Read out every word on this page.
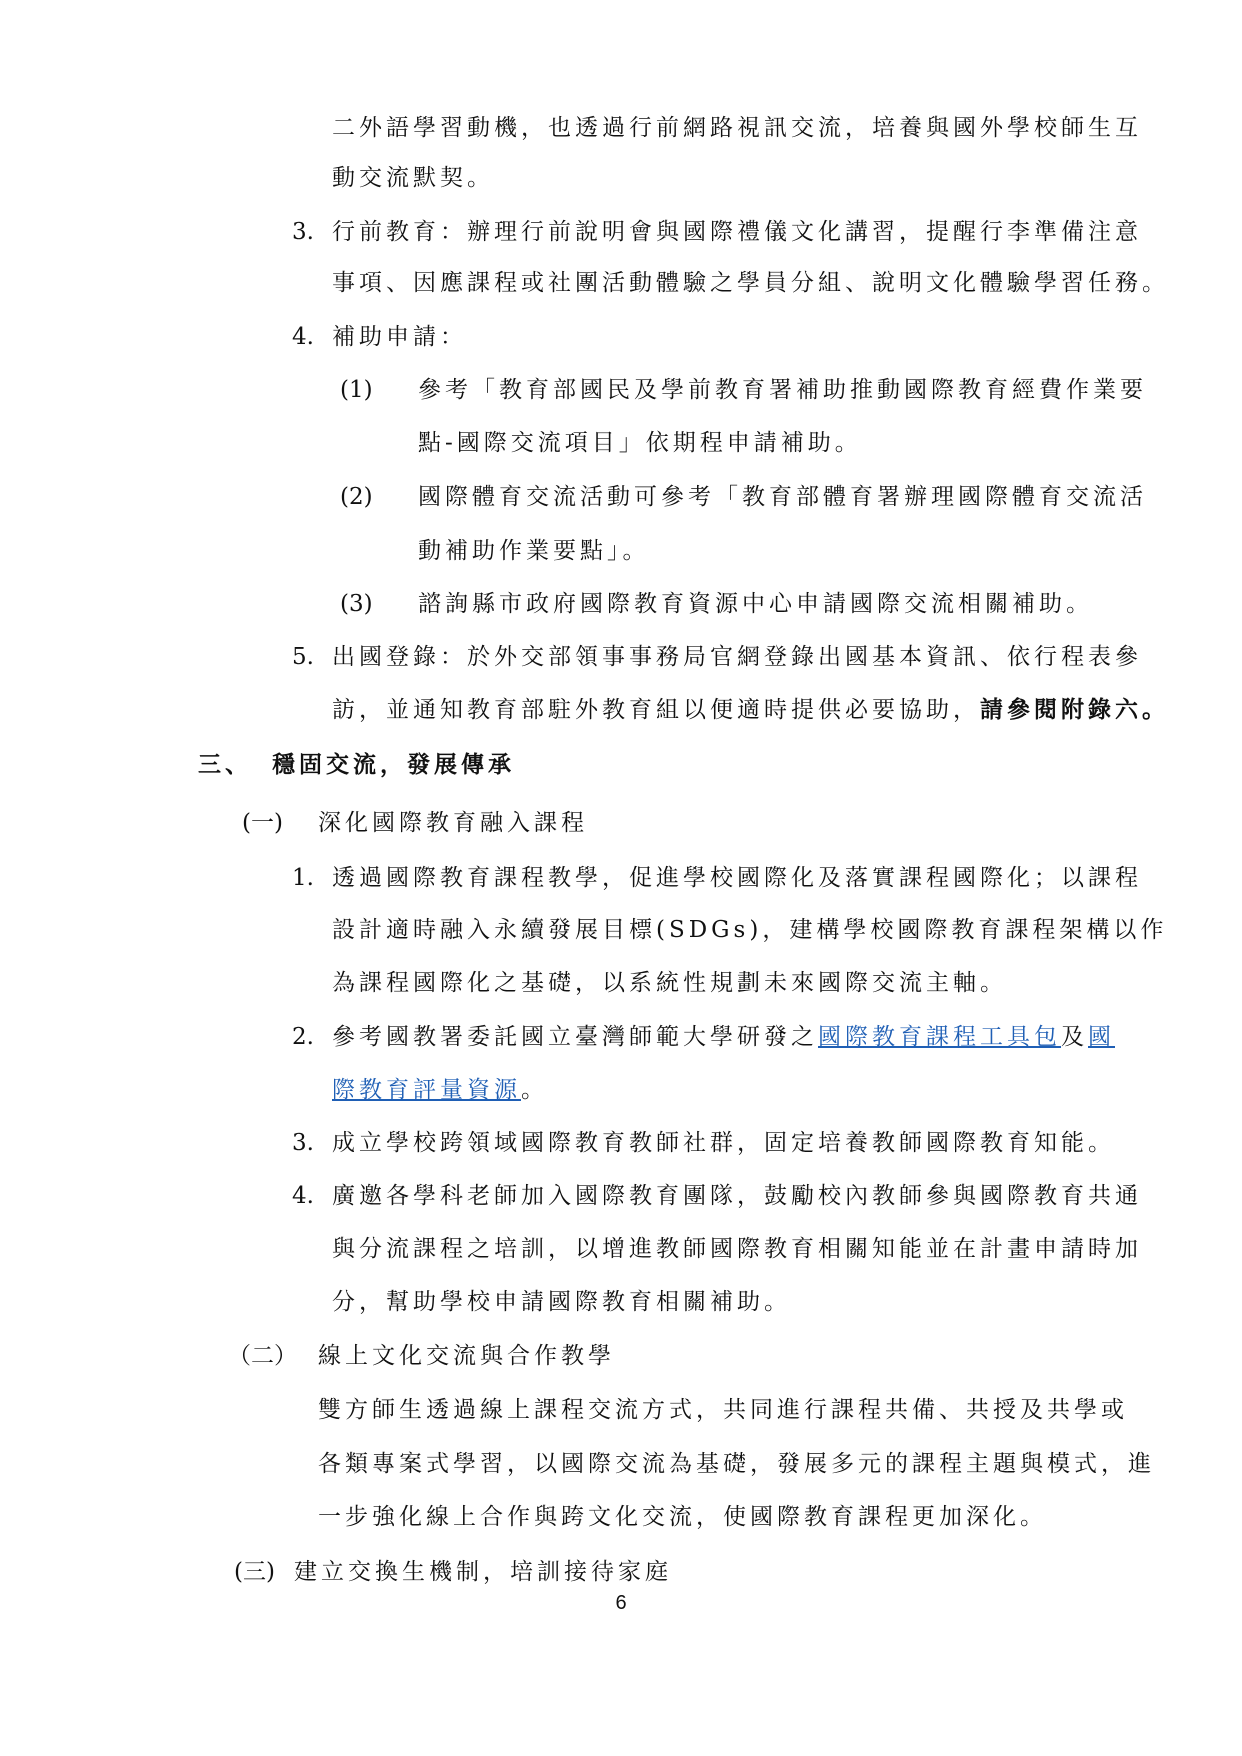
二外語學習動機，也透過行前網路視訊交流，培養與國外學校師生互
動交流默契。
3. 行前教育：辦理行前說明會與國際禮儀文化講習，提醒行李準備注意
事項、因應課程或社團活動體驗之學員分組、說明文化體驗學習任務。
4. 補助申請：
(1) 參考「教育部國民及學前教育署補助推動國際教育經費作業要
點-國際交流項目」依期程申請補助。
(2) 國際體育交流活動可參考「教育部體育署辦理國際體育交流活
動補助作業要點」。
(3) 諮詢縣市政府國際教育資源中心申請國際交流相關補助。
5. 出國登錄：於外交部領事事務局官網登錄出國基本資訊、依行程表參
訪，並通知教育部駐外教育組以便適時提供必要協助，請參閱附錄六。
三、 穩固交流，發展傳承
(一) 深化國際教育融入課程
1. 透過國際教育課程教學，促進學校國際化及落實課程國際化；以課程
設計適時融入永續發展目標(SDGs)，建構學校國際教育課程架構以作
為課程國際化之基礎，以系統性規劃未來國際交流主軸。
2. 參考國教署委託國立臺灣師範大學研發之國際教育課程工具包及國
際教育評量資源。
3. 成立學校跨領域國際教育教師社群，固定培養教師國際教育知能。
4. 廣邀各學科老師加入國際教育團隊，鼓勵校內教師參與國際教育共通
與分流課程之培訓，以增進教師國際教育相關知能並在計畫申請時加
分，幫助學校申請國際教育相關補助。
（二） 線上文化交流與合作教學
雙方師生透過線上課程交流方式，共同進行課程共備、共授及共學或
各類專案式學習，以國際交流為基礎，發展多元的課程主題與模式，進
一步強化線上合作與跨文化交流，使國際教育課程更加深化。
(三) 建立交換生機制，培訓接待家庭
6
